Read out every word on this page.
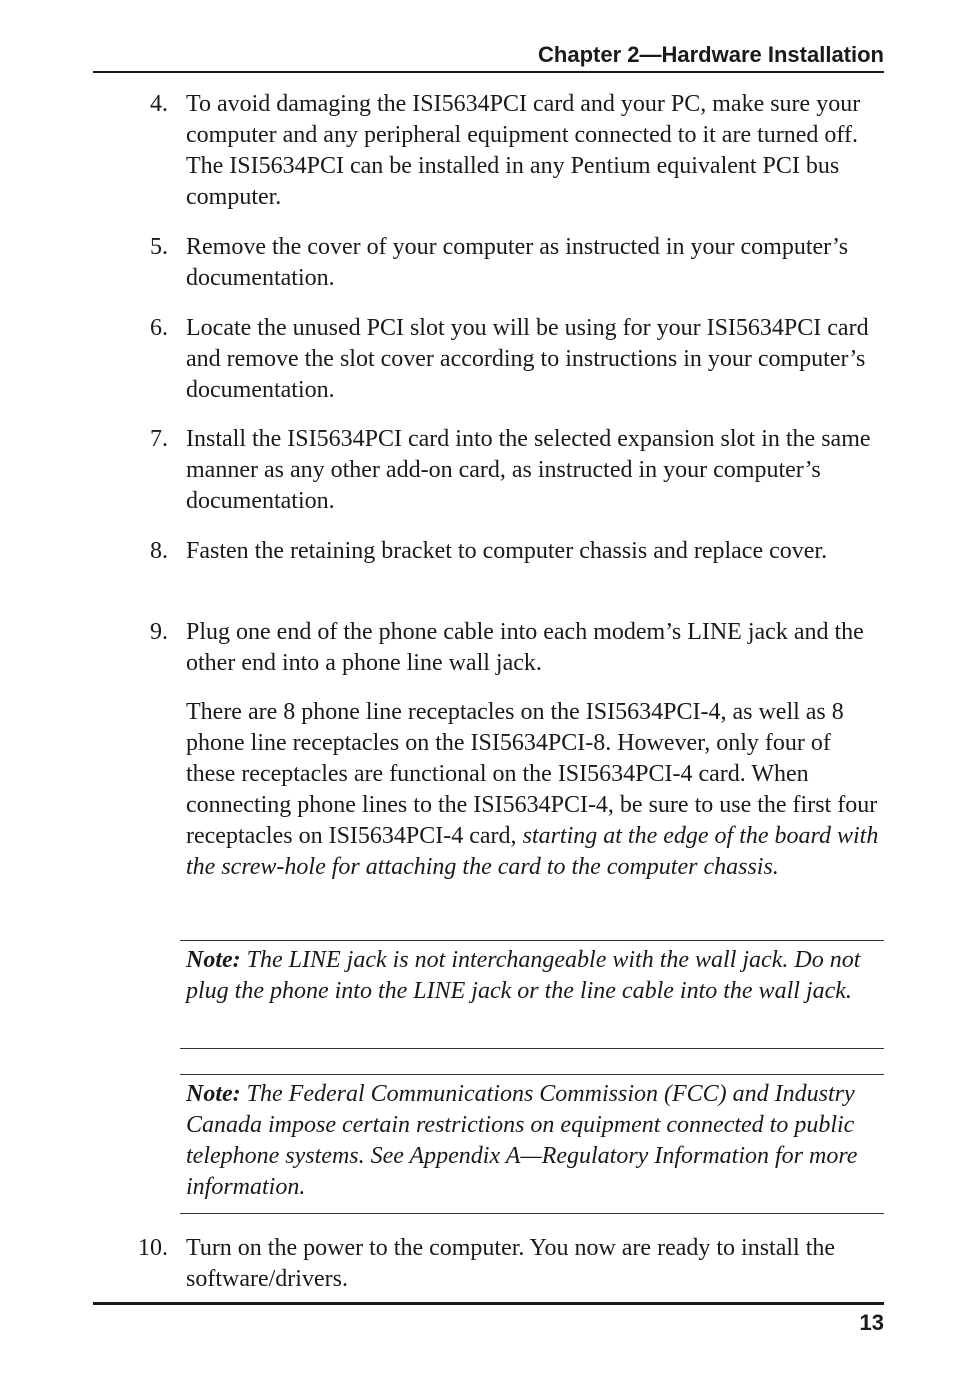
Chapter 2—Hardware Installation
4. To avoid damaging the ISI5634PCI card and your PC, make sure your computer and any peripheral equipment connected to it are turned off. The ISI5634PCI can be installed in any Pentium equivalent PCI bus computer.
5. Remove the cover of your computer as instructed in your computer’s documentation.
6. Locate the unused PCI slot you will be using for your ISI5634PCI card and remove the slot cover according to instructions in your computer’s documentation.
7. Install the ISI5634PCI card into the selected expansion slot in the same manner as any other add-on card, as instructed in your computer’s documentation.
8. Fasten the retaining bracket to computer chassis and replace cover.
9. Plug one end of the phone cable into each modem’s LINE jack and the other end into a phone line wall jack.
There are 8 phone line receptacles on the ISI5634PCI-4, as well as 8 phone line receptacles on the ISI5634PCI-8. However, only four of these receptacles are functional on the ISI5634PCI-4 card. When connecting phone lines to the ISI5634PCI-4, be sure to use the first four receptacles on ISI5634PCI-4 card, starting at the edge of the board with the screw-hole for attaching the card to the computer chassis.
Note: The LINE jack is not interchangeable with the wall jack. Do not plug the phone into the LINE jack or the line cable into the wall jack.
Note: The Federal Communications Commission (FCC) and Industry Canada impose certain restrictions on equipment connected to public telephone systems. See Appendix A—Regulatory Information for more information.
10. Turn on the power to the computer. You now are ready to install the software/drivers.
13
